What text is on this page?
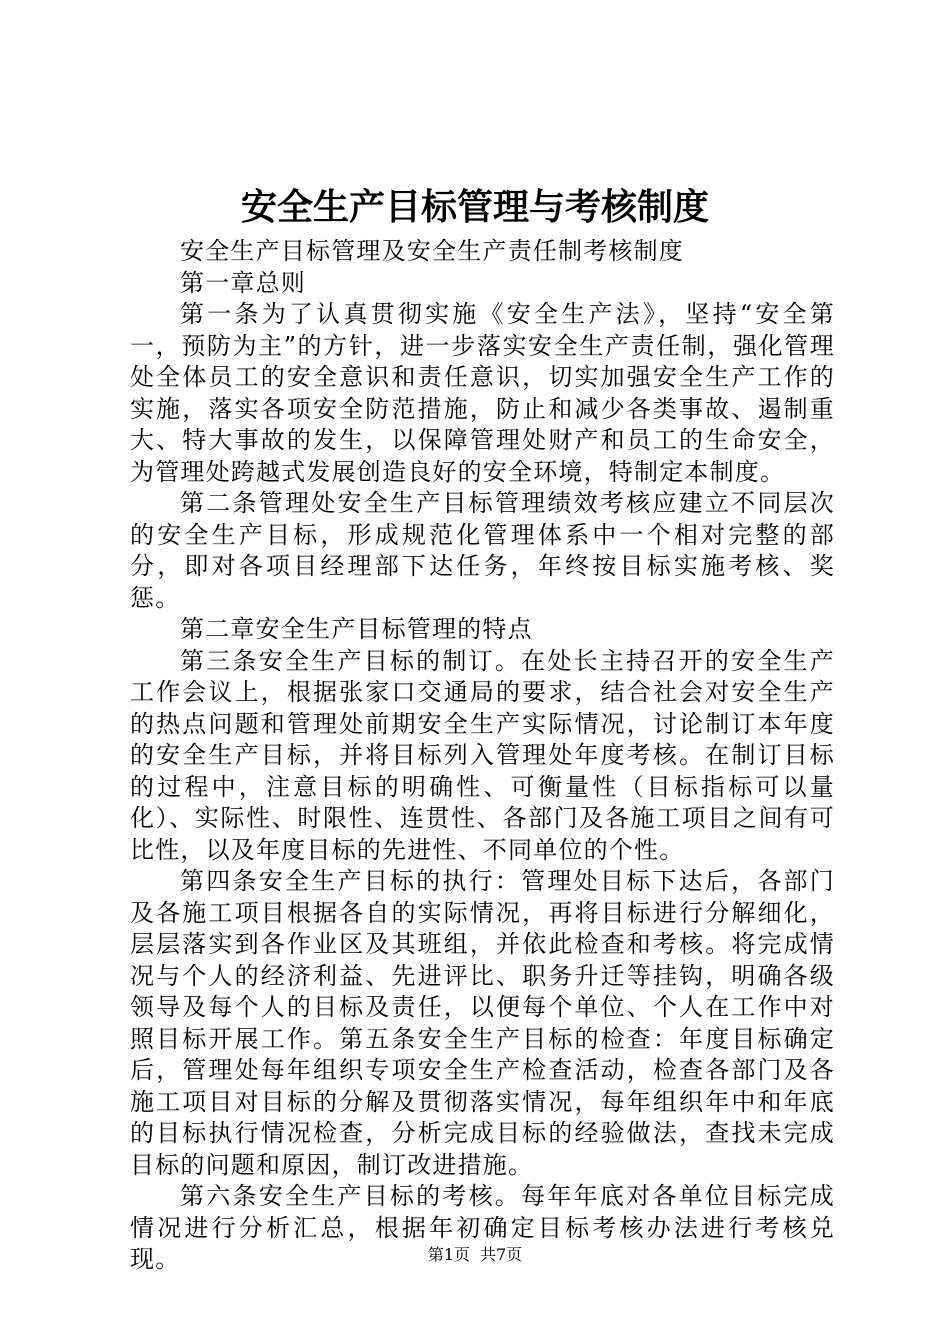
安全生产目标管理与考核制度

安全生产目标管理及安全生产责任制考核制度

第一章总则

第一条为了认真贯彻实施《安全生产法》，坚持“安全第一，预防为主”的方针，进一步落实安全生产责任制，强化管理处全体员工的安全意识和责任意识，切实加强安全生产工作的实施，落实各项安全防范措施，防止和减少各类事故、遏制重大、特大事故的发生，以保障管理处财产和员工的生命安全，为管理处跨越式发展创造良好的安全环境，特制定本制度。

第二条管理处安全生产目标管理绩效考核应建立不同层次的安全生产目标，形成规范化管理体系中一个相对完整的部分，即对各项目经理部下达任务，年终按目标实施考核、奖惩。

第二章安全生产目标管理的特点

第三条安全生产目标的制订。在处长主持召开的安全生产工作会议上，根据张家口交通局的要求，结合社会对安全生产的热点问题和管理处前期安全生产实际情况，讨论制订本年度的安全生产目标，并将目标列入管理处年度考核。在制订目标的过程中，注意目标的明确性、可衡量性（目标指标可以量化）、实际性、时限性、连贯性、各部门及各施工项目之间有可比性，以及年度目标的先进性、不同单位的个性。

第四条安全生产目标的执行：管理处目标下达后，各部门及各施工项目根据各自的实际情况，再将目标进行分解细化，层层落实到各作业区及其班组，并依此检查和考核。将完成情况与个人的经济利益、先进评比、职务升迁等挂钩，明确各级领导及每个人的目标及责任，以便每个单位、个人在工作中对照目标开展工作。第五条安全生产目标的检查：年度目标确定后，管理处每年组织专项安全生产检查活动，检查各部门及各施工项目对目标的分解及贯彻落实情况，每年组织年中和年底的目标执行情况检查，分析完成目标的经验做法，查找未完成目标的问题和原因，制订改进措施。

第六条安全生产目标的考核。每年年底对各单位目标完成情况进行分析汇总，根据年初确定目标考核办法进行考核兑现。	第1页 共7页
